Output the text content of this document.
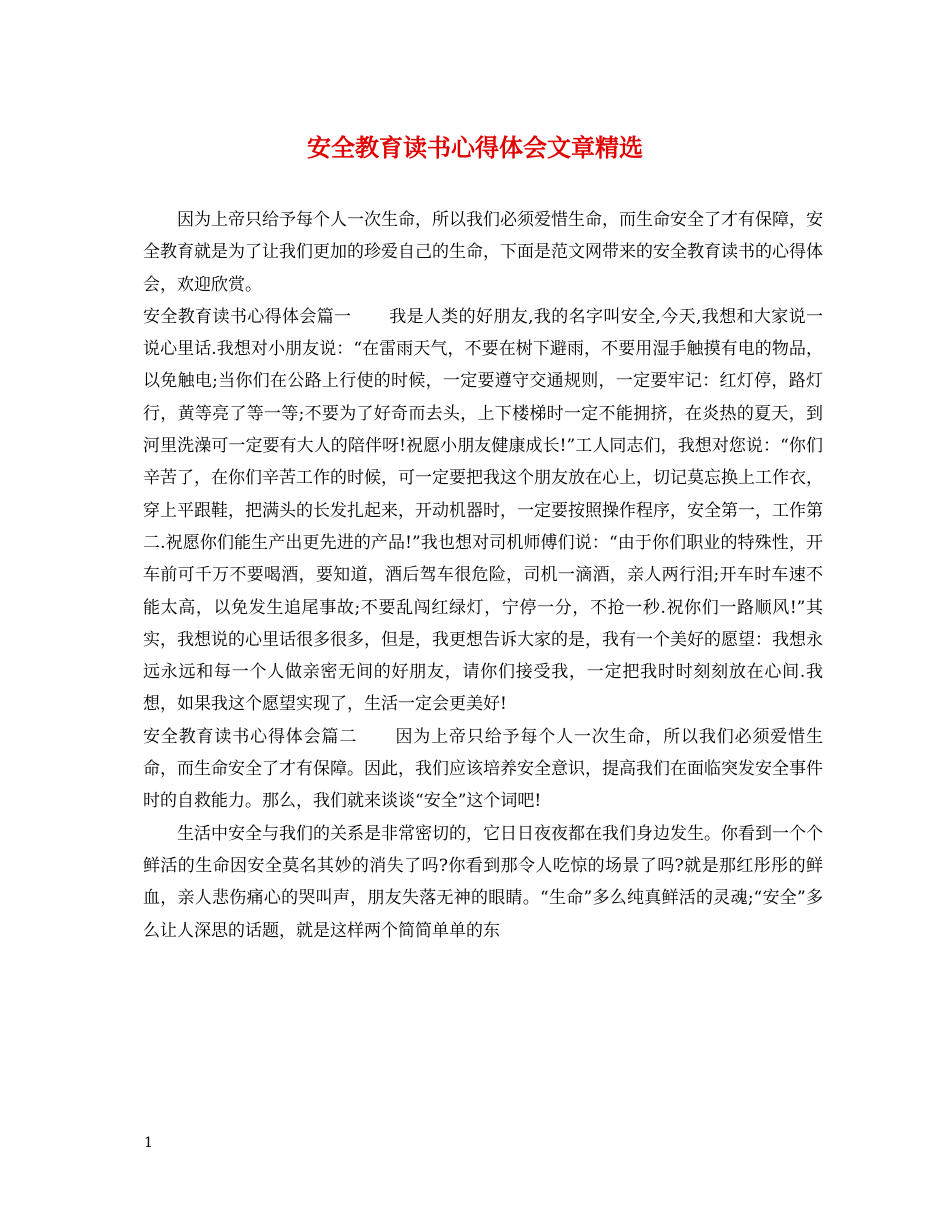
安全教育读书心得体会文章精选

因为上帝只给予每个人一次生命，所以我们必须爱惜生命，而生命安全了才有保障，安全教育就是为了让我们更加的珍爱自己的生命，下面是范文网带来的安全教育读书的心得体会，欢迎欣赏。

安全教育读书心得体会篇一 我是人类的好朋友,我的名字叫安全,今天,我想和大家说一说心里话.我想对小朋友说：“在雷雨天气，不要在树下避雨，不要用湿手触摸有电的物品，以免触电;当你们在公路上行使的时候，一定要遵守交通规则，一定要牢记：红灯停，路灯行，黄等亮了等一等;不要为了好奇而去头，上下楼梯时一定不能拥挤，在炎热的夏天，到河里洗澡可一定要有大人的陪伴呀!祝愿小朋友健康成长!”工人同志们，我想对您说：“你们辛苦了，在你们辛苦工作的时候，可一定要把我这个朋友放在心上，切记莫忘换上工作衣，穿上平跟鞋，把满头的长发扎起来，开动机器时，一定要按照操作程序，安全第一，工作第二.祝愿你们能生产出更先进的产品!”我也想对司机师傅们说：“由于你们职业的特殊性，开车前可千万不要喝酒，要知道，酒后驾车很危险，司机一滴酒，亲人两行泪;开车时车速不能太高，以免发生追尾事故;不要乱闯红绿灯，宁停一分，不抢一秒.祝你们一路顺风!”其实，我想说的心里话很多很多，但是，我更想告诉大家的是，我有一个美好的愿望：我想永远永远和每一个人做亲密无间的好朋友，请你们接受我，一定把我时时刻刻放在心间.我想，如果我这个愿望实现了，生活一定会更美好!

安全教育读书心得体会篇二 因为上帝只给予每个人一次生命，所以我们必须爱惜生命，而生命安全了才有保障。因此，我们应该培养安全意识，提高我们在面临突发安全事件时的自救能力。那么，我们就来谈谈“安全”这个词吧!

生活中安全与我们的关系是非常密切的，它日日夜夜都在我们身边发生。你看到一个个鲜活的生命因安全莫名其妙的消失了吗?你看到那令人吃惊的场景了吗?就是那红彤彤的鲜血，亲人悲伤痛心的哭叫声，朋友失落无神的眼睛。“生命”多么纯真鲜活的灵魂;“安全”多么让人深思的话题，就是这样两个简简单单的东

1
